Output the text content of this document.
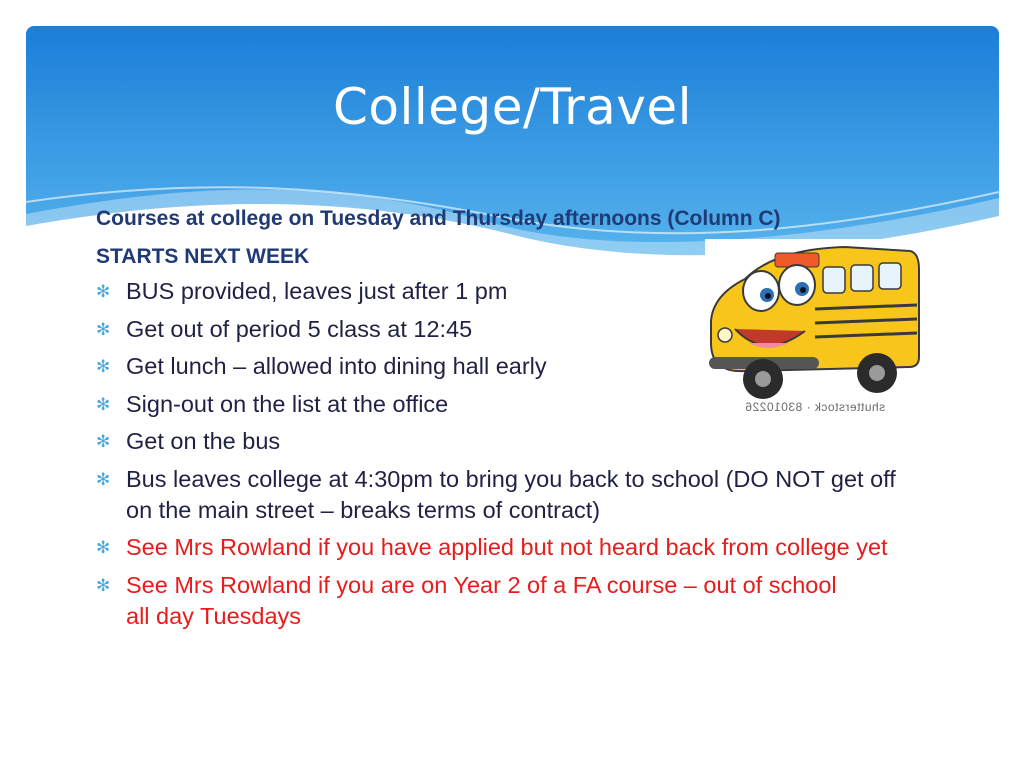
College/Travel
shutterstock · 83010226
Courses at college on Tuesday and Thursday afternoons (Column C)
STARTS NEXT WEEK
✻ BUS provided, leaves just after 1 pm
✻ Get out of period 5 class at 12:45
✻ Get lunch – allowed into dining hall early
✻ Sign-out on the list at the office
✻ Get on the bus
✻ Bus leaves college at 4:30pm to bring you back to school (DO NOT get off on the main street – breaks terms of contract)
✻ See Mrs Rowland if you have applied but not heard back from college yet
✻ See Mrs Rowland if you are on Year 2 of a FA course – out of school all day Tuesdays
